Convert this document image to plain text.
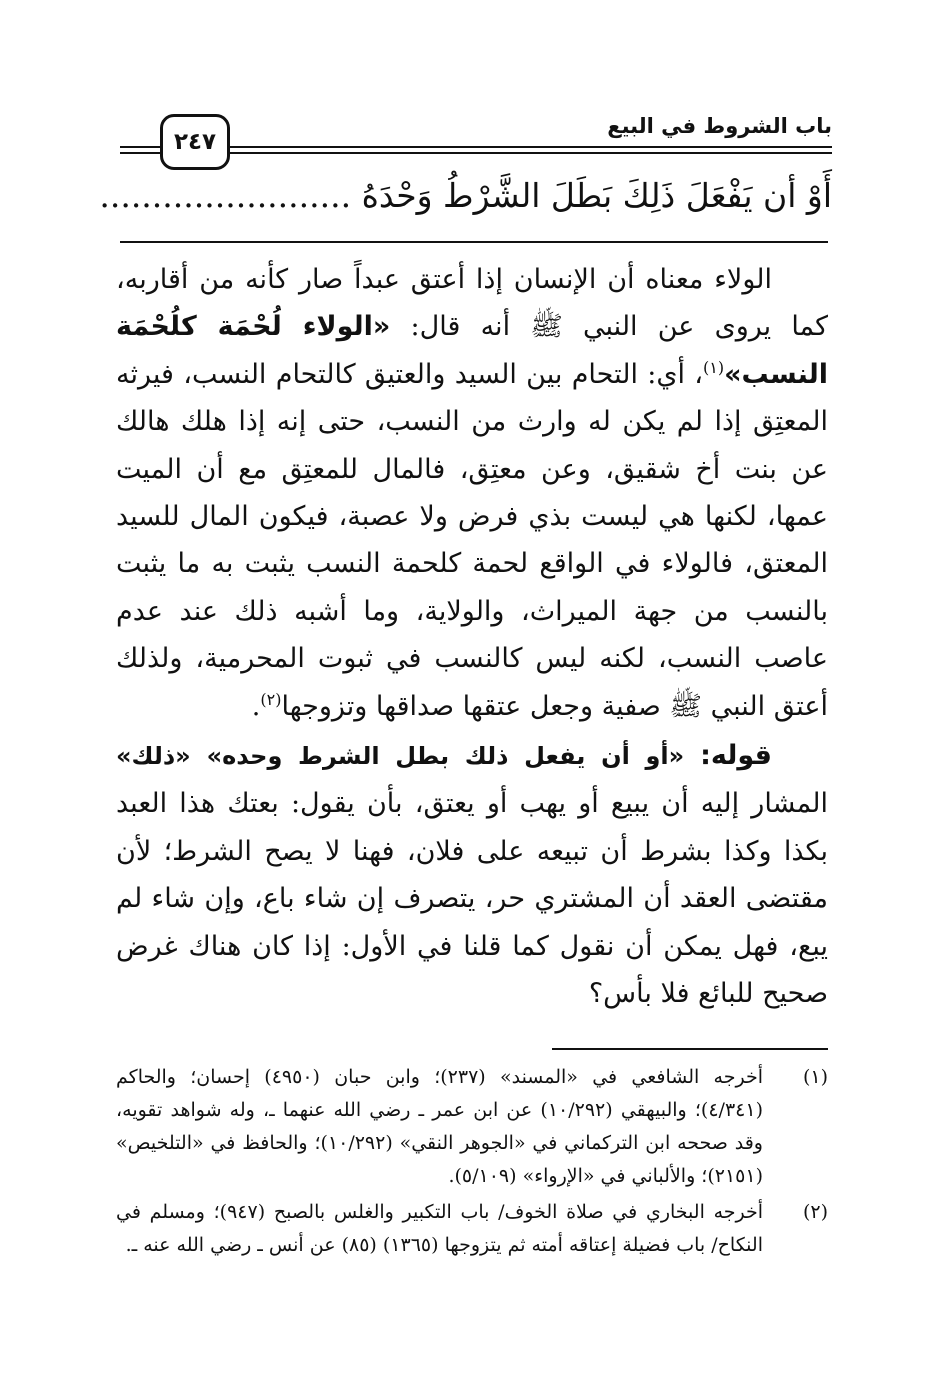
باب الشروط في البيع
٢٤٧
أَوْ أن يَفْعَلَ ذَلِكَ بَطَلَ الشَّرْطُ وَحْدَهُ ........................
الولاء معناه أن الإنسان إذا أعتق عبداً صار كأنه من أقاربه، كما يروى عن النبي ﷺ أنه قال: «الولاء لُحْمَة كلُحْمَة النسب»$^{(١)}$، أي: التحام بين السيد والعتيق كالتحام النسب، فيرثه المعتِق إذا لم يكن له وارث من النسب، حتى إنه إذا هلك هالك عن بنت أخ شقيق، وعن معتِق، فالمال للمعتِق مع أن الميت عمها، لكنها هي ليست بذي فرض ولا عصبة، فيكون المال للسيد المعتق، فالولاء في الواقع لحمة كلحمة النسب يثبت به ما يثبت بالنسب من جهة الميراث، والولاية، وما أشبه ذلك عند عدم عاصب النسب، لكنه ليس كالنسب في ثبوت المحرمية، ولذلك أعتق النبي ﷺ صفية وجعل عتقها صداقها وتزوجها$^{(٢)}$.
قوله: «أو أن يفعل ذلك بطل الشرط وحده» «ذلك» المشار إليه أن يبيع أو يهب أو يعتق، بأن يقول: بعتك هذا العبد بكذا وكذا بشرط أن تبيعه على فلان، فهنا لا يصح الشرط؛ لأن مقتضى العقد أن المشتري حر، يتصرف إن شاء باع، وإن شاء لم يبع، فهل يمكن أن نقول كما قلنا في الأول: إذا كان هناك غرض صحيح للبائع فلا بأس؟
(١)
أخرجه الشافعي في «المسند» (٢٣٧)؛ وابن حبان (٤٩٥٠) إحسان؛ والحاكم (٤/٣٤١)؛ والبيهقي (١٠/٢٩٢) عن ابن عمر ـ رضي الله عنهما ـ، وله شواهد تقويه، وقد صححه ابن التركماني في «الجوهر النقي» (١٠/٢٩٢)؛ والحافظ في «التلخيص» (٢١٥١)؛ والألباني في «الإرواء» (٥/١٠٩).
(٢)
أخرجه البخاري في صلاة الخوف/ باب التكبير والغلس بالصبح (٩٤٧)؛ ومسلم في النكاح/ باب فضيلة إعتاقه أمته ثم يتزوجها (١٣٦٥) (٨٥) عن أنس ـ رضي الله عنه ـ.
